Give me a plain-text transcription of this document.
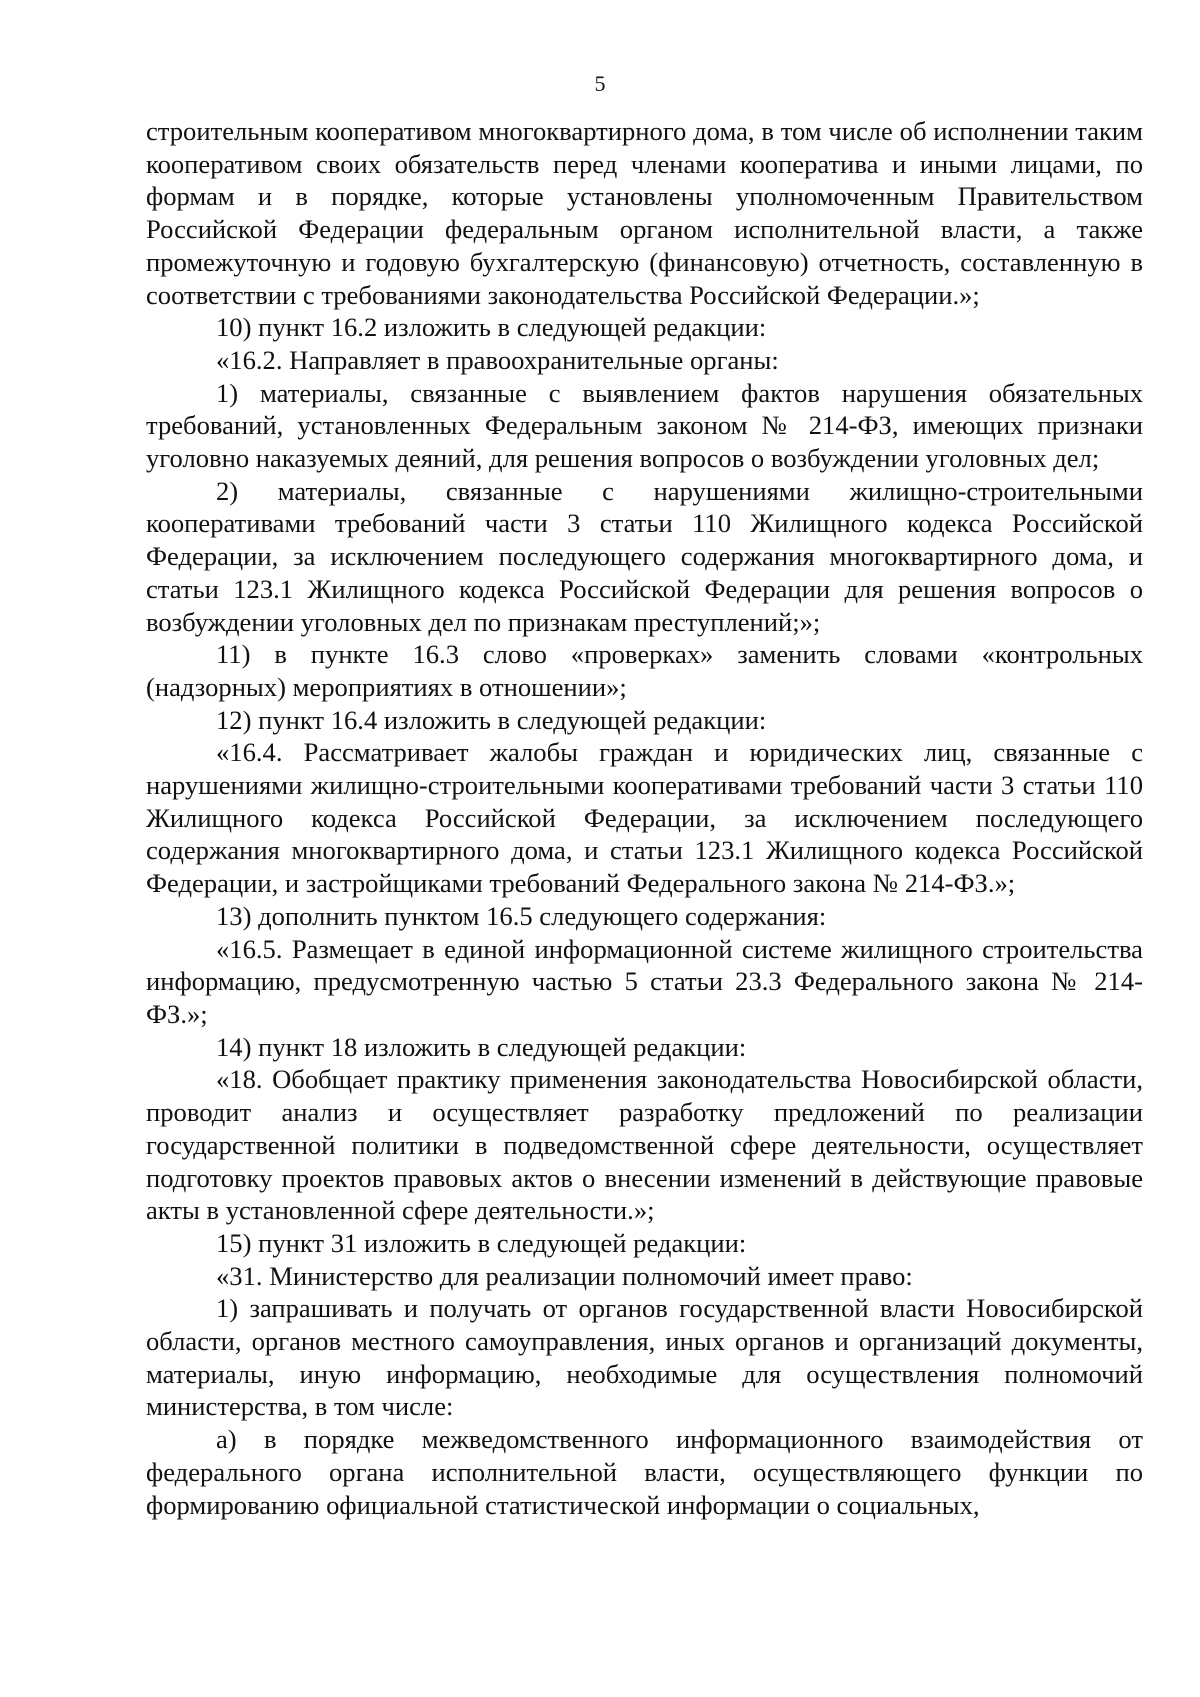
5

строительным кооперативом многоквартирного дома, в том числе об исполнении таким кооперативом своих обязательств перед членами кооператива и иными лицами, по формам и в порядке, которые установлены уполномоченным Правительством Российской Федерации федеральным органом исполнительной власти, а также промежуточную и годовую бухгалтерскую (финансовую) отчетность, составленную в соответствии с требованиями законодательства Российской Федерации.»;

10) пункт 16.2 изложить в следующей редакции:

«16.2. Направляет в правоохранительные органы:

1) материалы, связанные с выявлением фактов нарушения обязательных требований, установленных Федеральным законом № 214-ФЗ, имеющих признаки уголовно наказуемых деяний, для решения вопросов о возбуждении уголовных дел;

2) материалы, связанные с нарушениями жилищно-строительными кооперативами требований части 3 статьи 110 Жилищного кодекса Российской Федерации, за исключением последующего содержания многоквартирного дома, и статьи 123.1 Жилищного кодекса Российской Федерации для решения вопросов о возбуждении уголовных дел по признакам преступлений;»;

11) в пункте 16.3 слово «проверках» заменить словами «контрольных (надзорных) мероприятиях в отношении»;

12) пункт 16.4 изложить в следующей редакции:

«16.4. Рассматривает жалобы граждан и юридических лиц, связанные с нарушениями жилищно-строительными кооперативами требований части 3 статьи 110 Жилищного кодекса Российской Федерации, за исключением последующего содержания многоквартирного дома, и статьи 123.1 Жилищного кодекса Российской Федерации, и застройщиками требований Федерального закона № 214-ФЗ.»;

13) дополнить пунктом 16.5 следующего содержания:

«16.5. Размещает в единой информационной системе жилищного строительства информацию, предусмотренную частью 5 статьи 23.3 Федерального закона № 214-ФЗ.»;

14) пункт 18 изложить в следующей редакции:

«18. Обобщает практику применения законодательства Новосибирской области, проводит анализ и осуществляет разработку предложений по реализации государственной политики в подведомственной сфере деятельности, осуществляет подготовку проектов правовых актов о внесении изменений в действующие правовые акты в установленной сфере деятельности.»;

15) пункт 31 изложить в следующей редакции:

«31. Министерство для реализации полномочий имеет право:

1) запрашивать и получать от органов государственной власти Новосибирской области, органов местного самоуправления, иных органов и организаций документы, материалы, иную информацию, необходимые для осуществления полномочий министерства, в том числе:

а) в порядке межведомственного информационного взаимодействия от федерального органа исполнительной власти, осуществляющего функции по формированию официальной статистической информации о социальных,
